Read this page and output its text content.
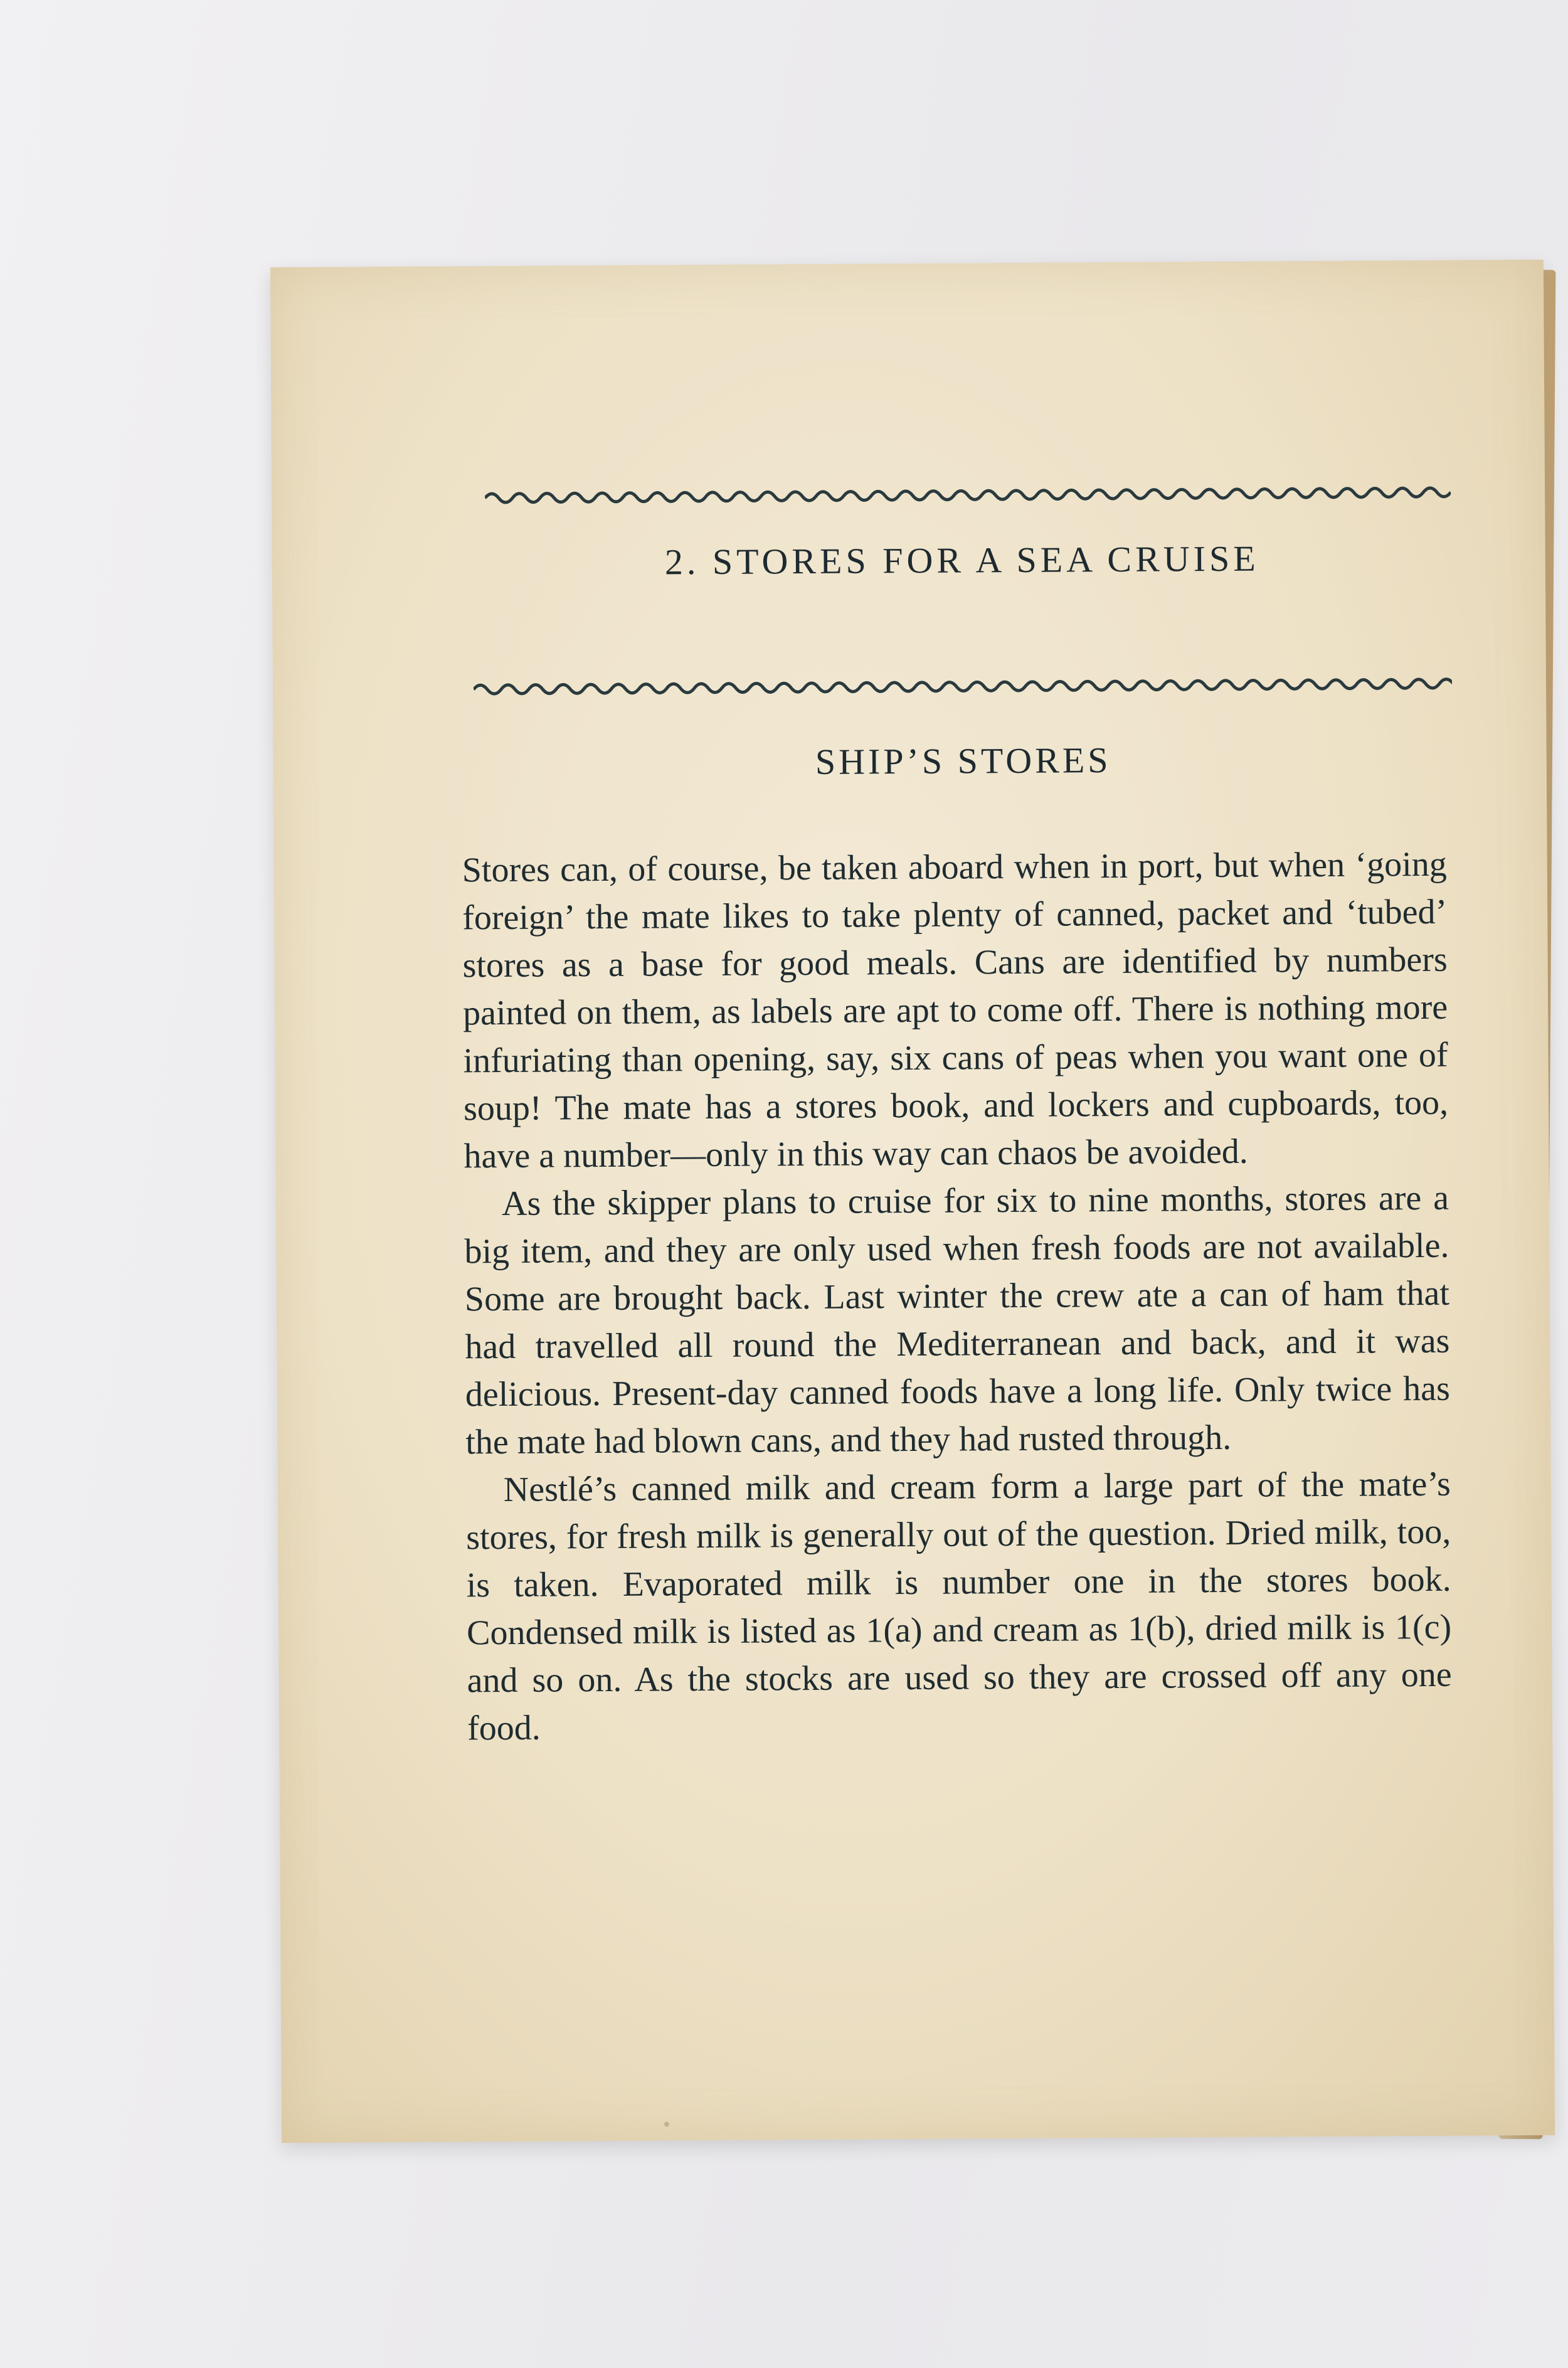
2. STORES FOR A SEA CRUISE
SHIP’S STORES

Stores can, of course, be taken aboard when in port, but when ‘going foreign’ the mate likes to take plenty of canned, packet and ‘tubed’ stores as a base for good meals. Cans are identified by numbers painted on them, as labels are apt to come off. There is nothing more infuriating than opening, say, six cans of peas when you want one of soup! The mate has a stores book, and lockers and cupboards, too, have a number—only in this way can chaos be avoided.

As the skipper plans to cruise for six to nine months, stores are a big item, and they are only used when fresh foods are not available. Some are brought back. Last winter the crew ate a can of ham that had travelled all round the Mediterranean and back, and it was delicious. Present-day canned foods have a long life. Only twice has the mate had blown cans, and they had rusted through.

Nestlé’s canned milk and cream form a large part of the mate’s stores, for fresh milk is generally out of the question. Dried milk, too, is taken. Evaporated milk is number one in the stores book. Condensed milk is listed as 1(a) and cream as 1(b), dried milk is 1(c) and so on. As the stocks are used so they are crossed off any one food.
